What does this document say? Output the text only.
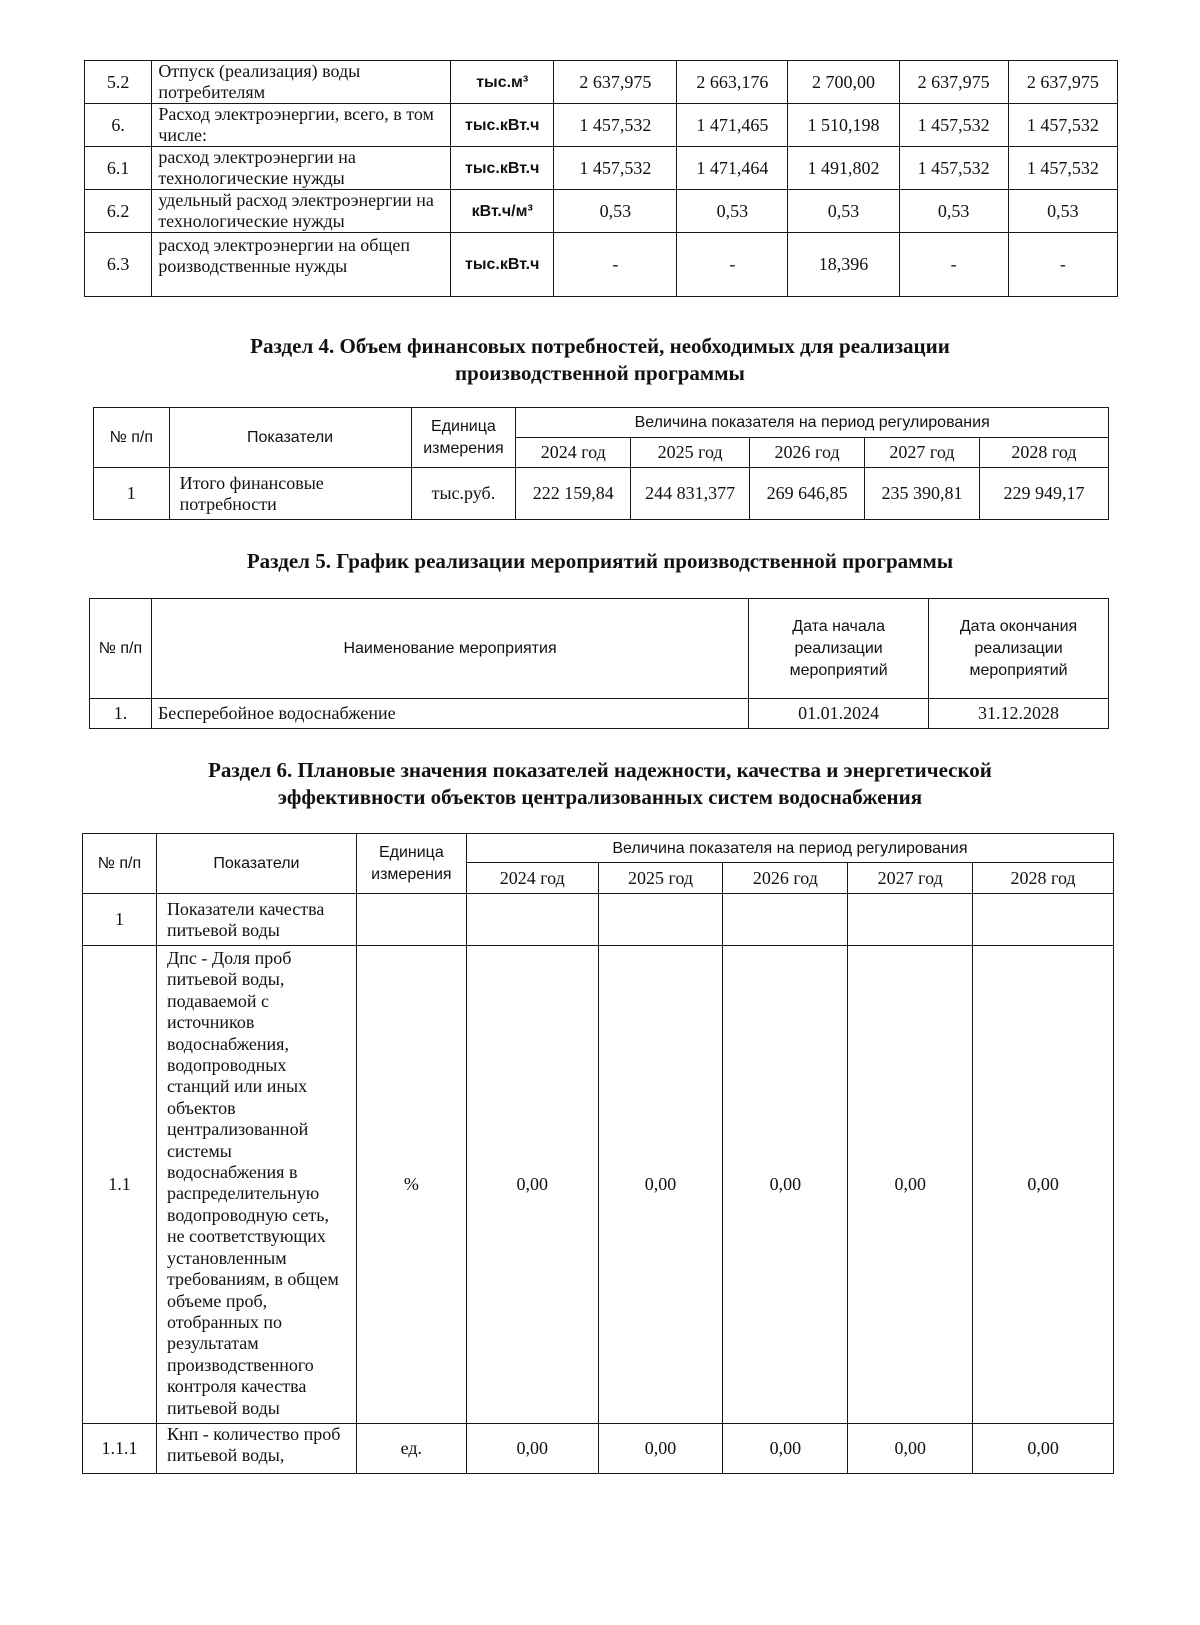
5.2	Отпуск (реализация) воды потребителям	тыс.м³	2 637,975	2 663,176	2 700,00	2 637,975	2 637,975
6.	Расход электроэнергии, всего, в том числе:	тыс.кВт.ч	1 457,532	1 471,465	1 510,198	1 457,532	1 457,532
6.1	расход электроэнергии на технологические нужды	тыс.кВт.ч	1 457,532	1 471,464	1 491,802	1 457,532	1 457,532
6.2	удельный расход электроэнергии на технологические нужды	кВт.ч/м³	0,53	0,53	0,53	0,53	0,53
6.3	расход электроэнергии на общеп роизводственные нужды	тыс.кВт.ч	-	-	18,396	-	-
Раздел 4. Объем финансовых потребностей, необходимых для реализации
производственной программы
№ п/п	Показатели	Единица измерения	Величина показателя на период регулирования				
			2024 год	2025 год	2026 год	2027 год	2028 год
1	Итого финансовые потребности	тыс.руб.	222 159,84	244 831,377	269 646,85	235 390,81	229 949,17
Раздел 5. График реализации мероприятий производственной программы
№ п/п	Наименование мероприятия	Дата начала реализации мероприятий	Дата окончания реализации мероприятий
1.	Бесперебойное водоснабжение	01.01.2024	31.12.2028
Раздел 6. Плановые значения показателей надежности, качества и энергетической
эффективности объектов централизованных систем водоснабжения
№ п/п	Показатели	Единица измерения	Величина показателя на период регулирования				
			2024 год	2025 год	2026 год	2027 год	2028 год
1	Показатели качества питьевой воды						
1.1	Дпс - Доля проб питьевой воды, подаваемой с источников водоснабжения, водопроводных станций или иных объектов централизованной системы водоснабжения в распределительную водопроводную сеть, не соответствующих установленным требованиям, в общем объеме проб, отобранных по результатам производственного контроля качества питьевой воды	%	0,00	0,00	0,00	0,00	0,00
1.1.1	Кнп - количество проб питьевой воды,	ед.	0,00	0,00	0,00	0,00	0,00
